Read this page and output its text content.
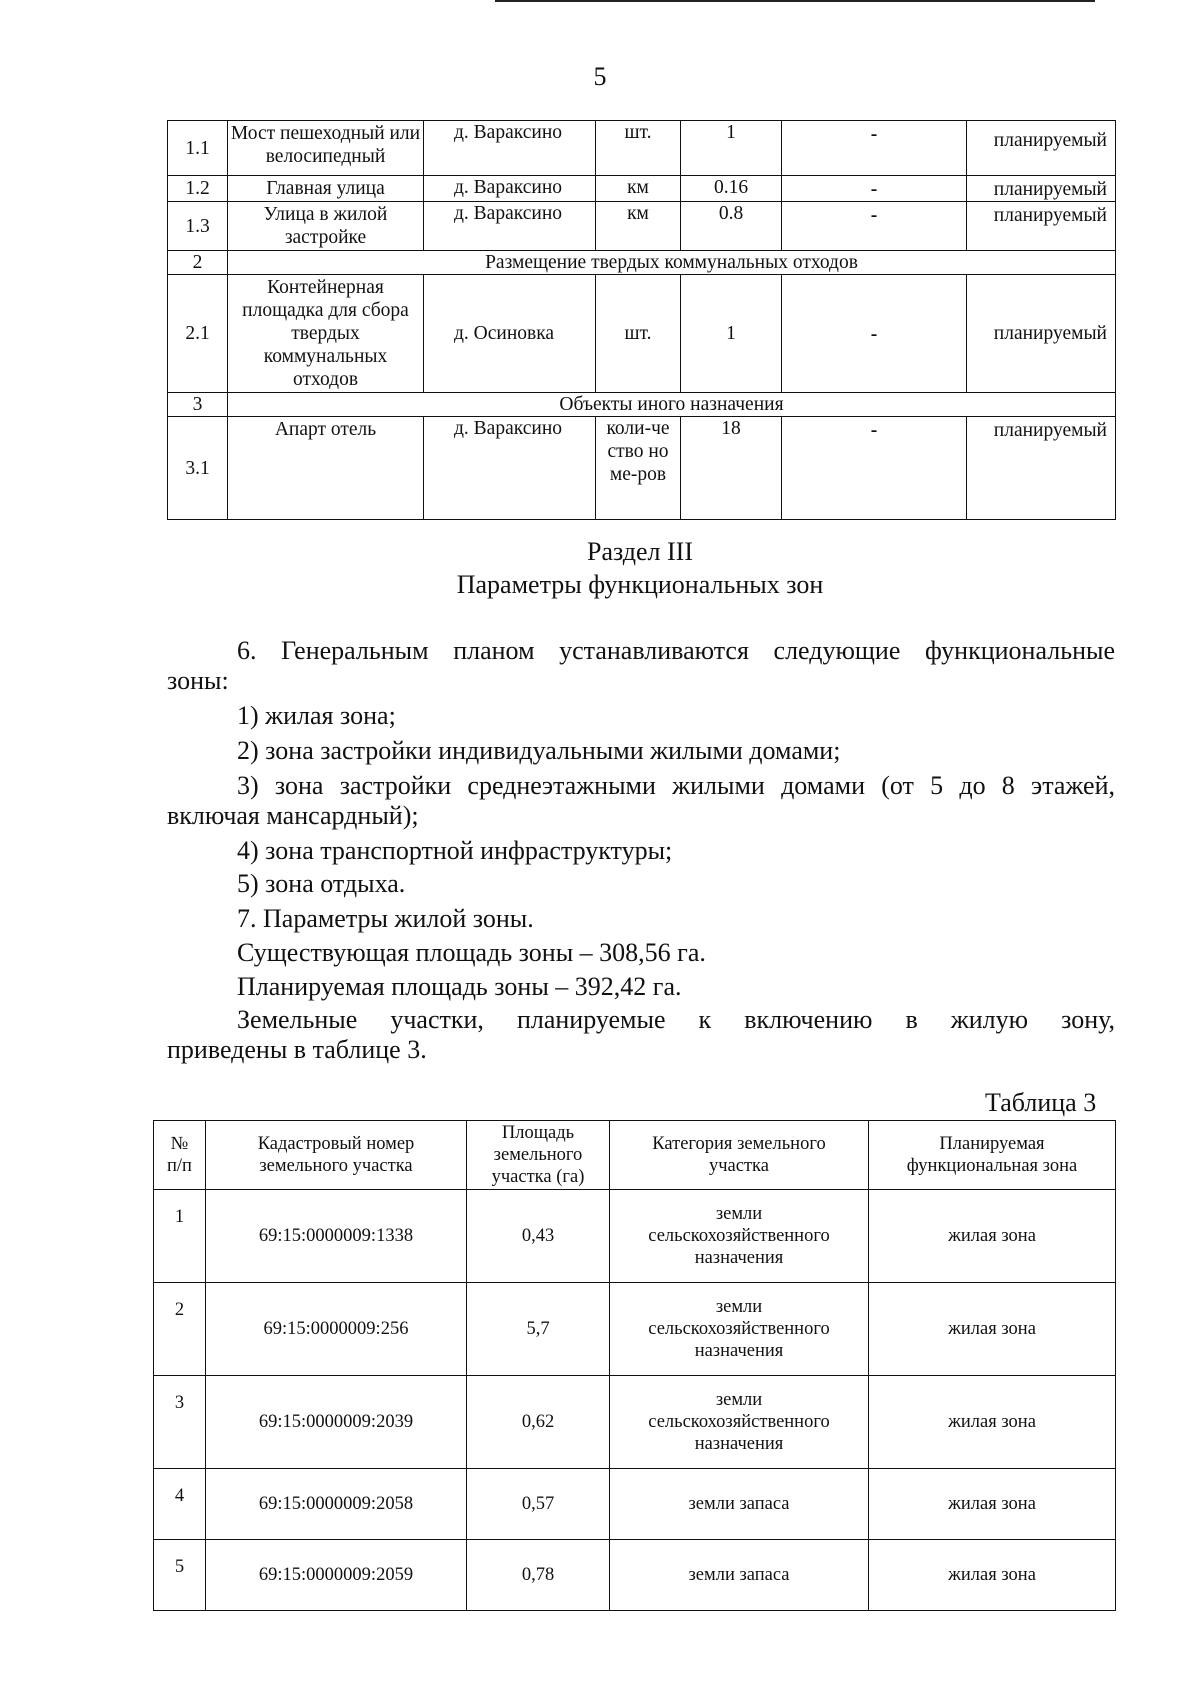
5
1.1	Мост пешеходный или велосипедный	д. Вараксино	шт.	1	-	планируемый
1.2	Главная улица	д. Вараксино	км	0.16	-	планируемый
1.3	Улица в жилой застройке	д. Вараксино	км	0.8	-	планируемый
2	Размещение твердых коммунальных отходов					
2.1	Контейнерная площадка для сбора твердых коммунальных отходов	д. Осиновка	шт.	1	-	планируемый
3	Объекты иного назначения					
3.1	Апарт отель	д. Вараксино	коли-чество номе-ров	18	-	планируемый
Раздел III
Параметры функциональных зон
6. Генеральным планом устанавливаются следующие функциональные
зоны:
1) жилая зона;
2) зона застройки индивидуальными жилыми домами;
3) зона застройки среднеэтажными жилыми домами (от 5 до 8 этажей,
включая мансардный);
4) зона транспортной инфраструктуры;
5) зона отдыха.
7. Параметры жилой зоны.
Существующая площадь зоны – 308,56 га.
Планируемая площадь зоны – 392,42 га.
Земельные участки, планируемые к включению в жилую зону,
приведены в таблице 3.
Таблица 3
№ п/п	Кадастровый номер земельного участка	Площадь земельного участка (га)	Категория земельного участка	Планируемая функциональная зона
1	69:15:0000009:1338	0,43	земли сельскохозяйственного назначения	жилая зона
2	69:15:0000009:256	5,7	земли сельскохозяйственного назначения	жилая зона
3	69:15:0000009:2039	0,62	земли сельскохозяйственного назначения	жилая зона
4	69:15:0000009:2058	0,57	земли запаса	жилая зона
5	69:15:0000009:2059	0,78	земли запаса	жилая зона
